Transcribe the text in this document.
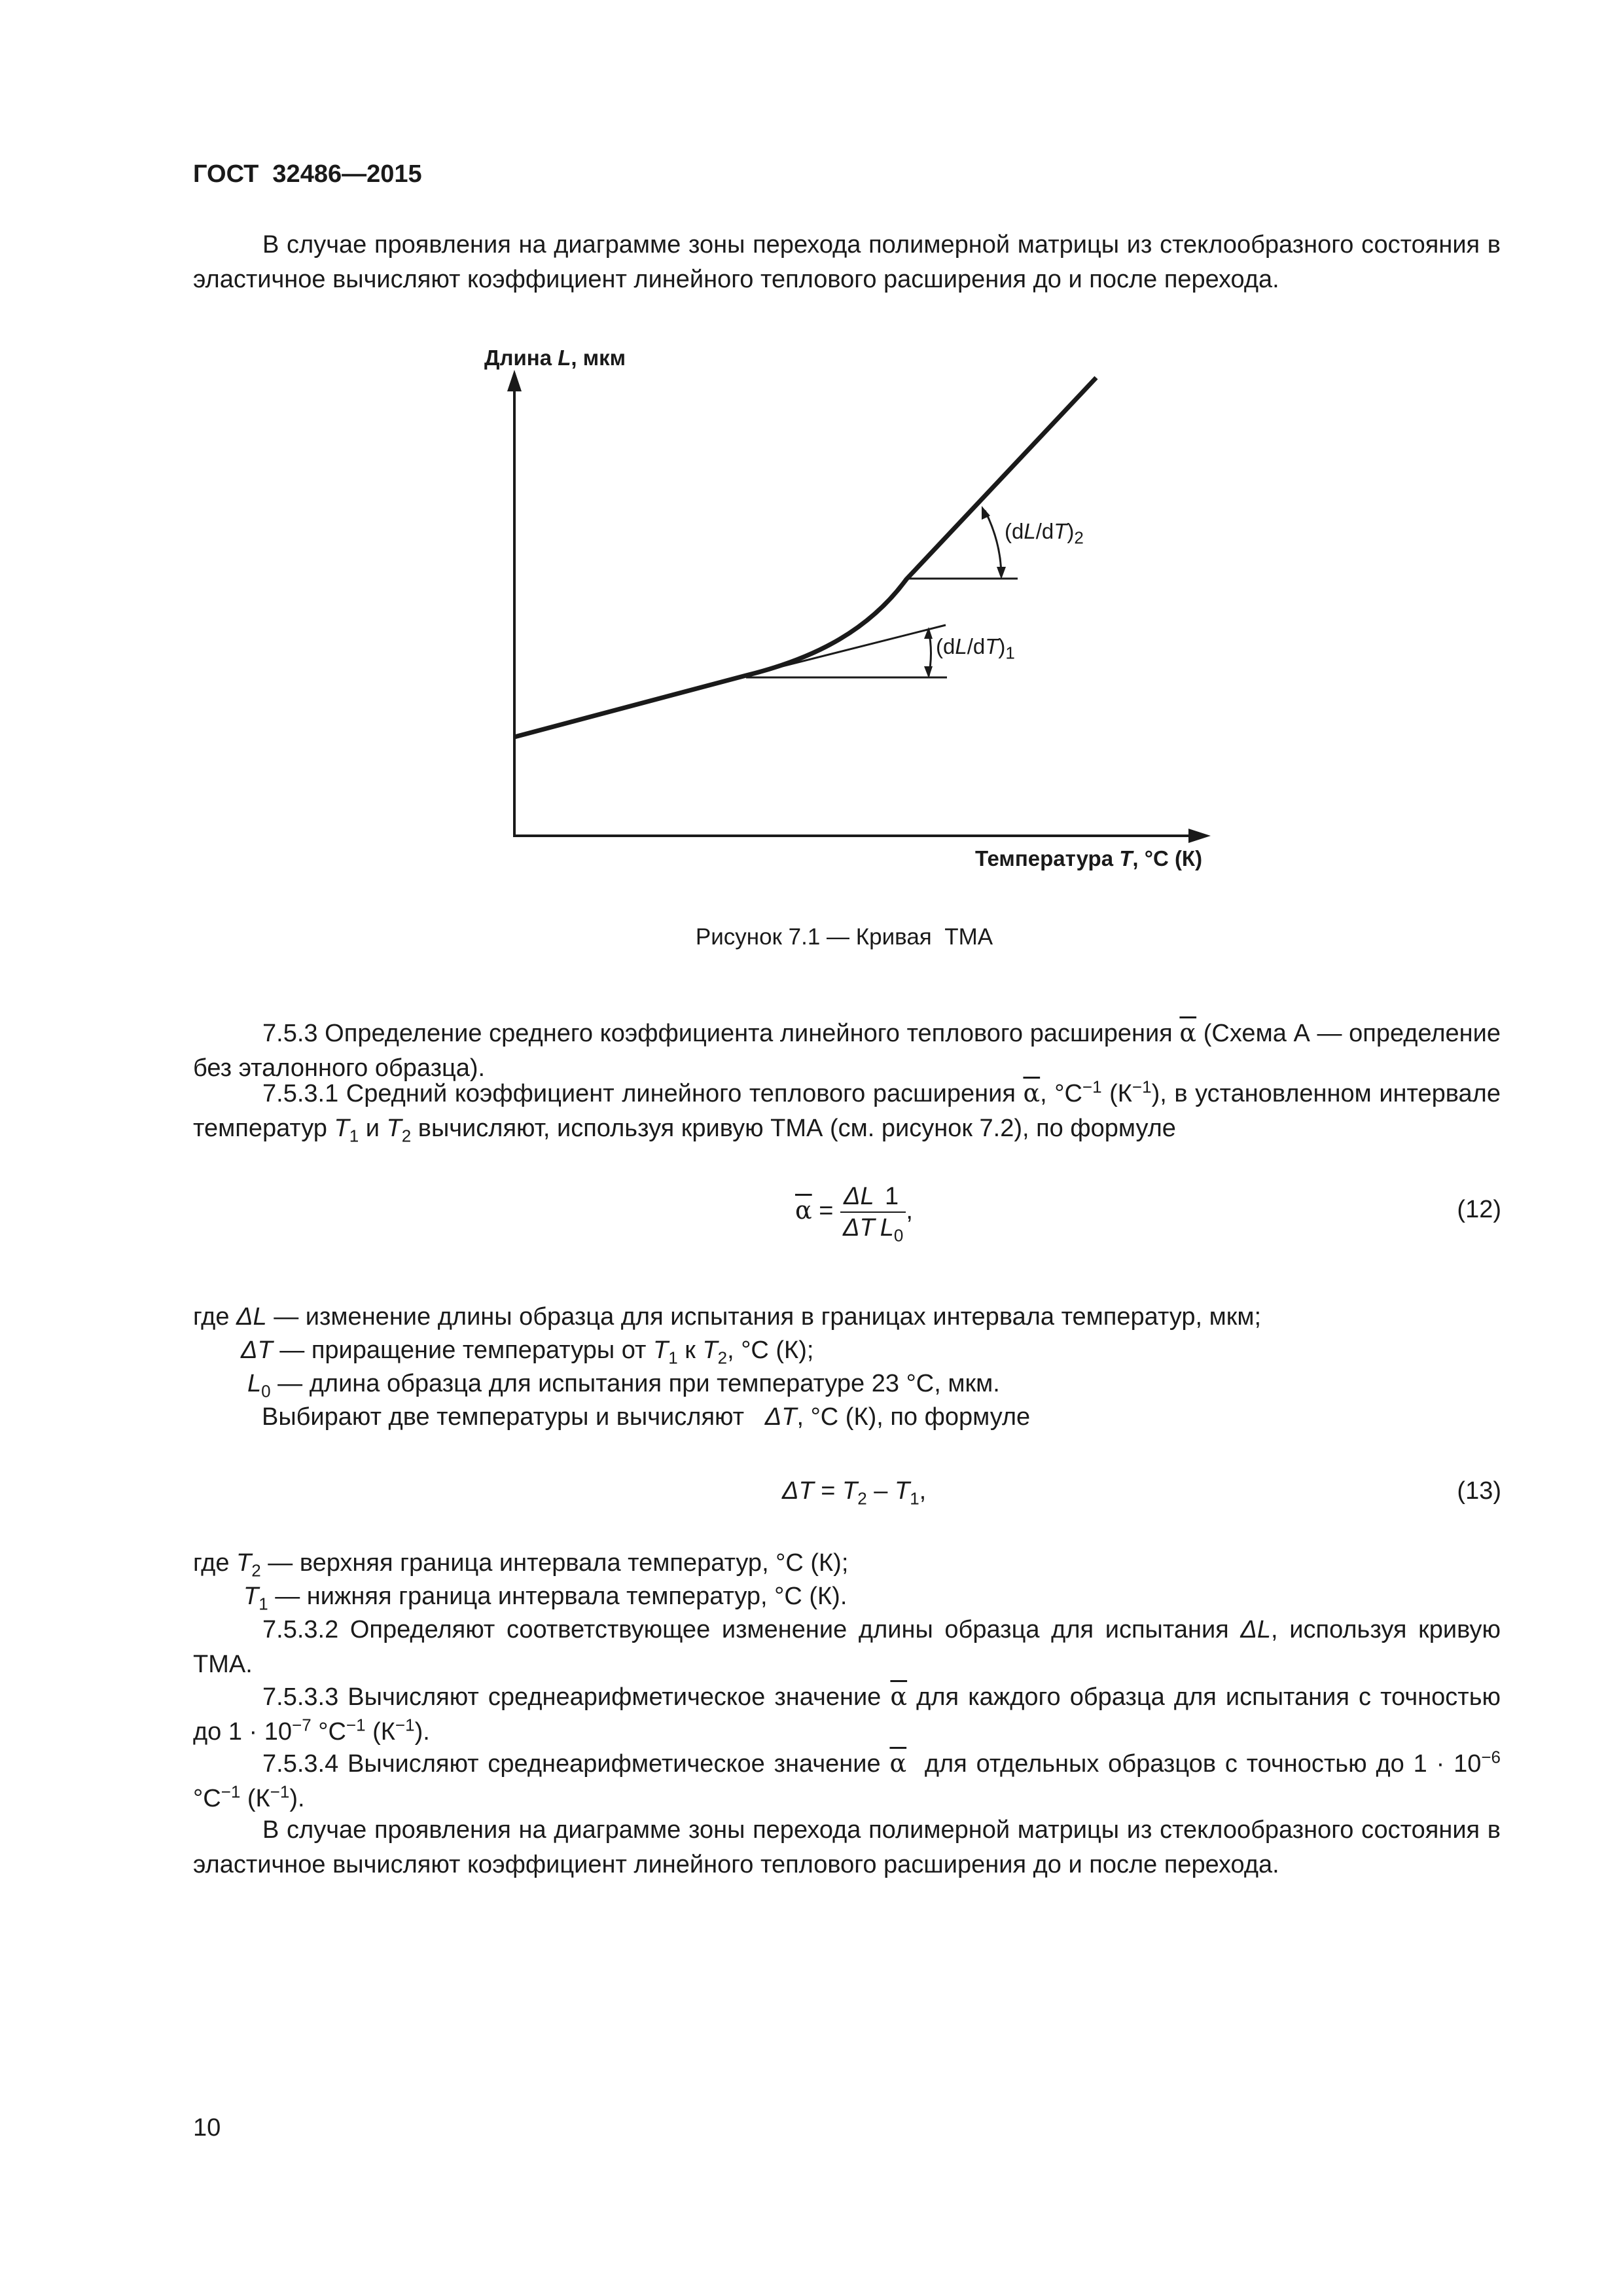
ГОСТ  32486—2015

В случае проявления на диаграмме зоны перехода полимерной матрицы из стеклообразного состояния в эластичное вычисляют коэффициент линейного теплового расширения до и после перехода.

Длина L, мкм
Температура T, °С (К)
$(dL/dT)_2$
$(dL/dT)_1$
Рисунок 7.1 — Кривая  ТМА

7.5.3 Определение среднего коэффициента линейного теплового расширения $\overline{\alpha}$ (Схема А — определение без эталонного образца).

7.5.3.1 Средний коэффициент линейного теплового расширения $\overline{\alpha}$, $^\circ С^{-1}$ $(К^{-1})$, в установленном интервале температур $T_1$ и $T_2$ вычисляют, используя кривую ТМА (см. рисунок 7.2), по формуле

$\overline{\alpha} = \frac{\Delta L}{\Delta T} \frac{1}{L_0}$ ,	(12)
где ΔL — изменение длины образца для испытания в границах интервала температур, мкм;
ΔT — приращение температуры от $T_1$ к $T_2$, °С (К);
$L_0$ — длина образца для испытания при температуре 23 °С, мкм.
Выбирают две температуры и вычисляют   ΔT, °С (К), по формуле
$\Delta T = T_2 - T_1$,	(13)
где $T_2$ — верхняя граница интервала температур, °С (К);
$T_1$ — нижняя граница интервала температур, °С (К).

7.5.3.2 Определяют соответствующее изменение длины образца для испытания ΔL, используя кривую ТМА.

7.5.3.3 Вычисляют среднеарифметическое значение $\overline{\alpha}$ для каждого образца для испытания с точностью до $1 \cdot 10^{-7}$ $^\circ С^{-1}$ $(К^{-1})$.

7.5.3.4 Вычисляют среднеарифметическое значение $\overline{\alpha}$  для отдельных образцов с точностью до $1 \cdot 10^{-6}$ $^\circ С^{-1}$ $(К^{-1})$.

В случае проявления на диаграмме зоны перехода полимерной матрицы из стеклообразного состояния в эластичное вычисляют коэффициент линейного теплового расширения до и после перехода.

10
